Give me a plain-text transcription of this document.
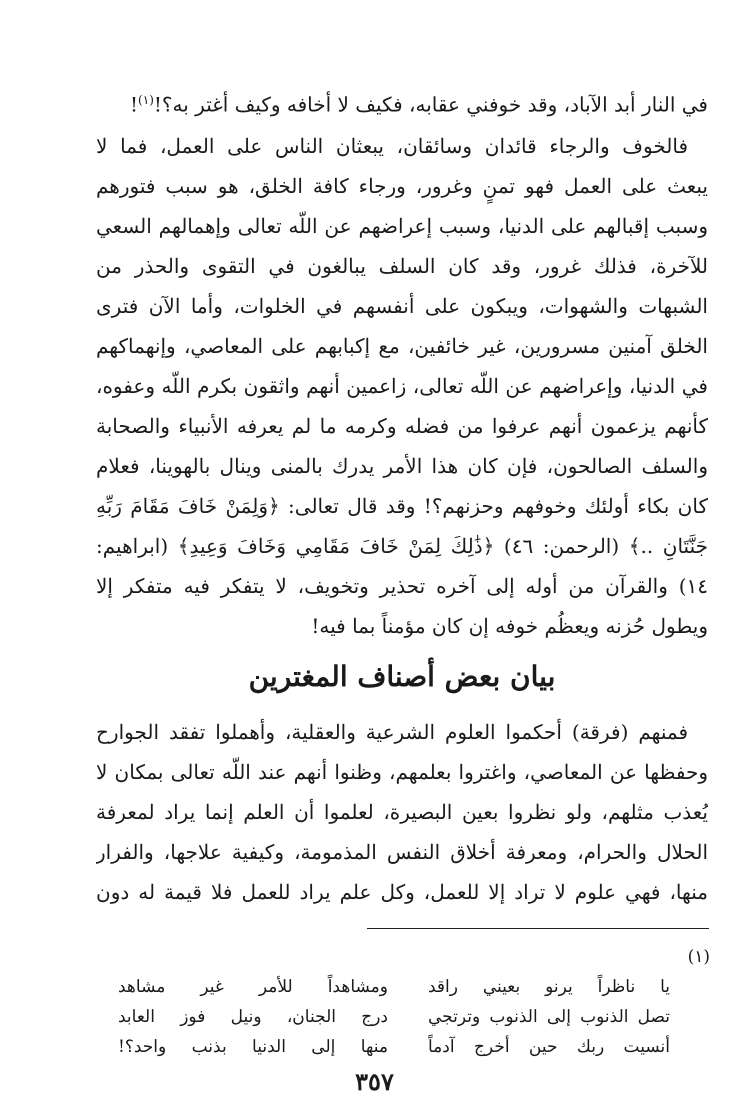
في النار أبد الآباد، وقد خوفني عقابه، فكيف لا أخافه وكيف أغتر به؟!$^{(١)}$!
فالخوف والرجاء قائدان وسائقان، يبعثان الناس على العمل، فما لا
يبعث على العمل فهو تمنٍ وغرور، ورجاء كافة الخلق، هو سبب فتورهم
وسبب إقبالهم على الدنيا، وسبب إعراضهم عن اللّه تعالى وإهمالهم السعي
للآخرة، فذلك غرور، وقد كان السلف يبالغون في التقوى والحذر من
الشبهات والشهوات، ويبكون على أنفسهم في الخلوات، وأما الآن فترى
الخلق آمنين مسرورين، غير خائفين، مع إكبابهم على المعاصي، وإنهماكهم
في الدنيا، وإعراضهم عن اللّه تعالى، زاعمين أنهم واثقون بكرم اللّه وعفوه،
كأنهم يزعمون أنهم عرفوا من فضله وكرمه ما لم يعرفه الأنبياء والصحابة
والسلف الصالحون، فإن كان هذا الأمر يدرك بالمنى وينال بالهوينا، فعلام
كان بكاء أولئك وخوفهم وحزنهم؟! وقد قال تعالى: ﴿وَلِمَنْ خَافَ مَقَامَ رَبِّهِ
جَنَّتَانِ ..﴾ (الرحمن: ٤٦) ﴿ذَٰلِكَ لِمَنْ خَافَ مَقَامِي وَخَافَ وَعِيدِ﴾ (ابراهيم:
١٤) والقرآن من أوله إلى آخره تحذير وتخويف، لا يتفكر فيه متفكر إلا
ويطول حُزنه ويعظُم خوفه إن كان مؤمناً بما فيه!
بيان بعض أصناف المغترين
فمنهم (فرقة) أحكموا العلوم الشرعية والعقلية، وأهملوا تفقد الجوارح
وحفظها عن المعاصي، واغتروا بعلمهم، وظنوا أنهم عند اللّه تعالى بمكان لا
يُعذب مثلهم، ولو نظروا بعين البصيرة، لعلموا أن العلم إنما يراد لمعرفة
الحلال والحرام، ومعرفة أخلاق النفس المذمومة، وكيفية علاجها، والفرار
منها، فهي علوم لا تراد إلا للعمل، وكل علم يراد للعمل فلا قيمة له دون
(١)
يا ناظراً يرنو بعيني راقد
ومشاهداً للأمر غير مشاهد
تصل الذنوب إلى الذنوب وترتجي
درج الجنان، ونيل فوز العابد
أنسيت ربك حين أخرج آدماً
منها إلى الدنيا بذنب واحد؟!
٣٥٧
